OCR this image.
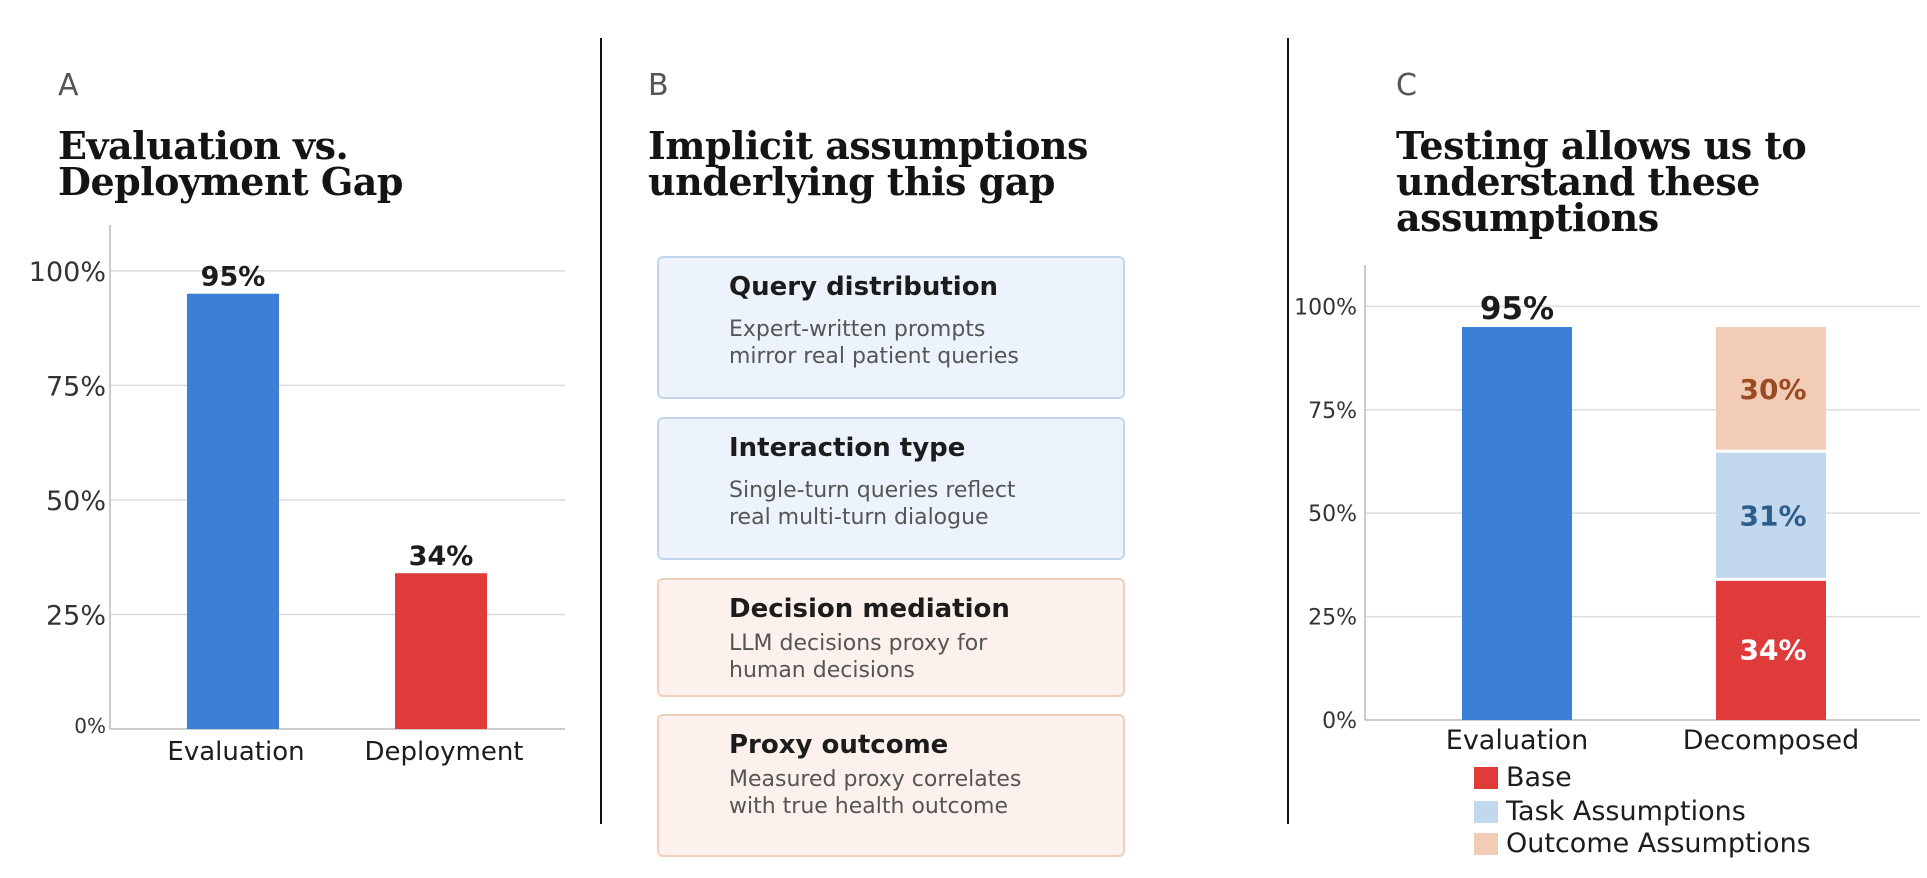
A
Evaluation vs.
Deployment Gap
0%
25%
50%
75%
100%	95%
Evaluation
34%
Deployment
B
Implicit assumptions
underlying this gap
Query distribution
Expert-written prompts
mirror real patient queries
Interaction type
Single-turn queries reflect
real multi-turn dialogue
Decision mediation
LLM decisions proxy for
human decisions
Proxy outcome
Measured proxy correlates
with true health outcome
C
Testing allows us to
understand these
assumptions
0%
25%
50%
75%
100%	95%
34%
31%
30%
Evaluation	Decomposed
Base
Task Assumptions
Outcome Assumptions
